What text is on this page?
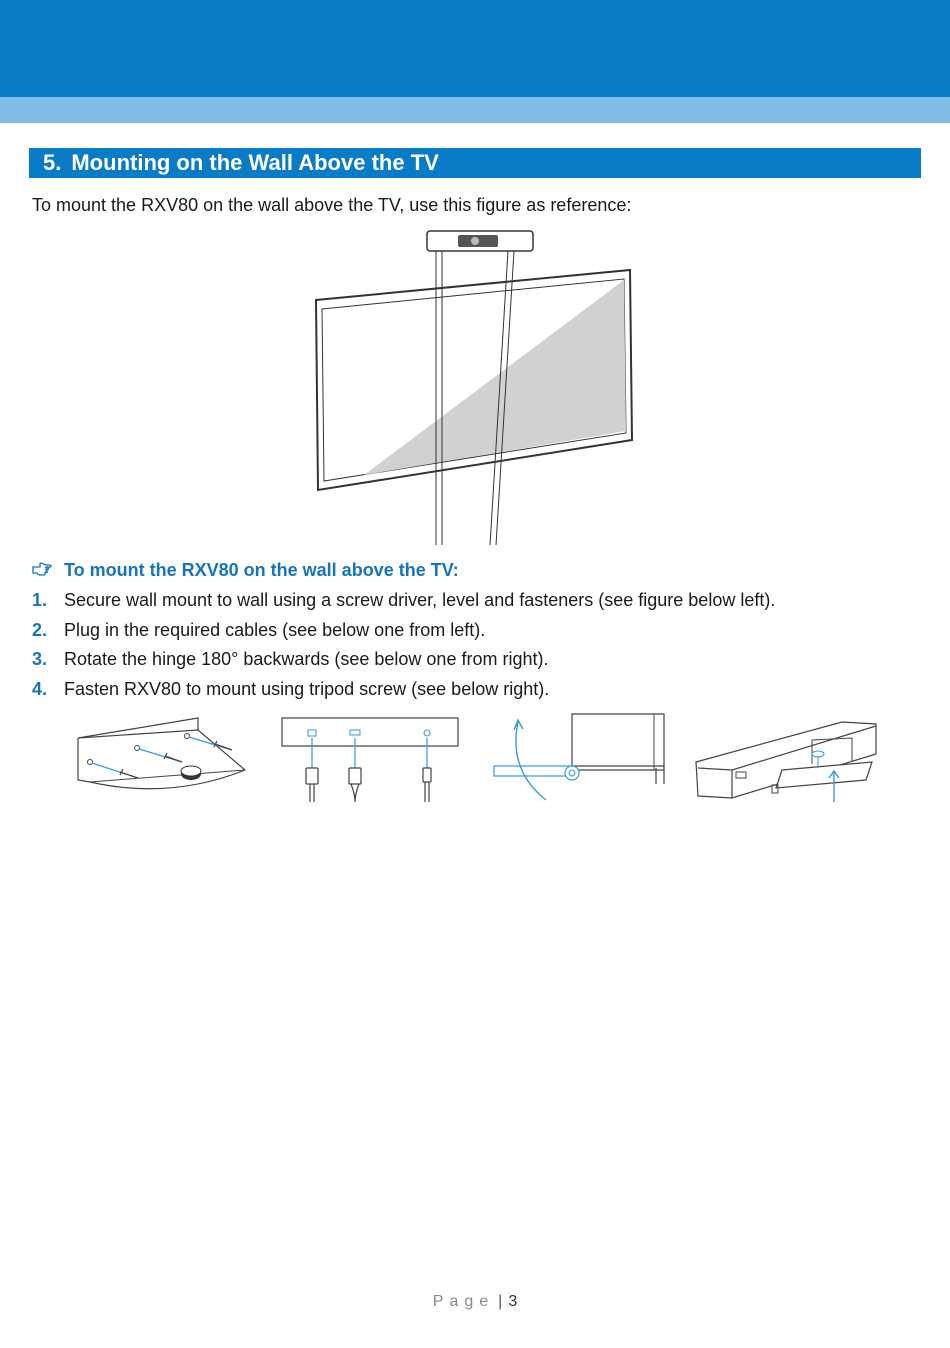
5. Mounting on the Wall Above the TV
To mount the RXV80 on the wall above the TV, use this figure as reference:
To mount the RXV80 on the wall above the TV:
1. Secure wall mount to wall using a screw driver, level and fasteners (see figure below left).
2. Plug in the required cables (see below one from left).
3. Rotate the hinge 180° backwards (see below one from right).
4. Fasten RXV80 to mount using tripod screw (see below right).
Page | 3
